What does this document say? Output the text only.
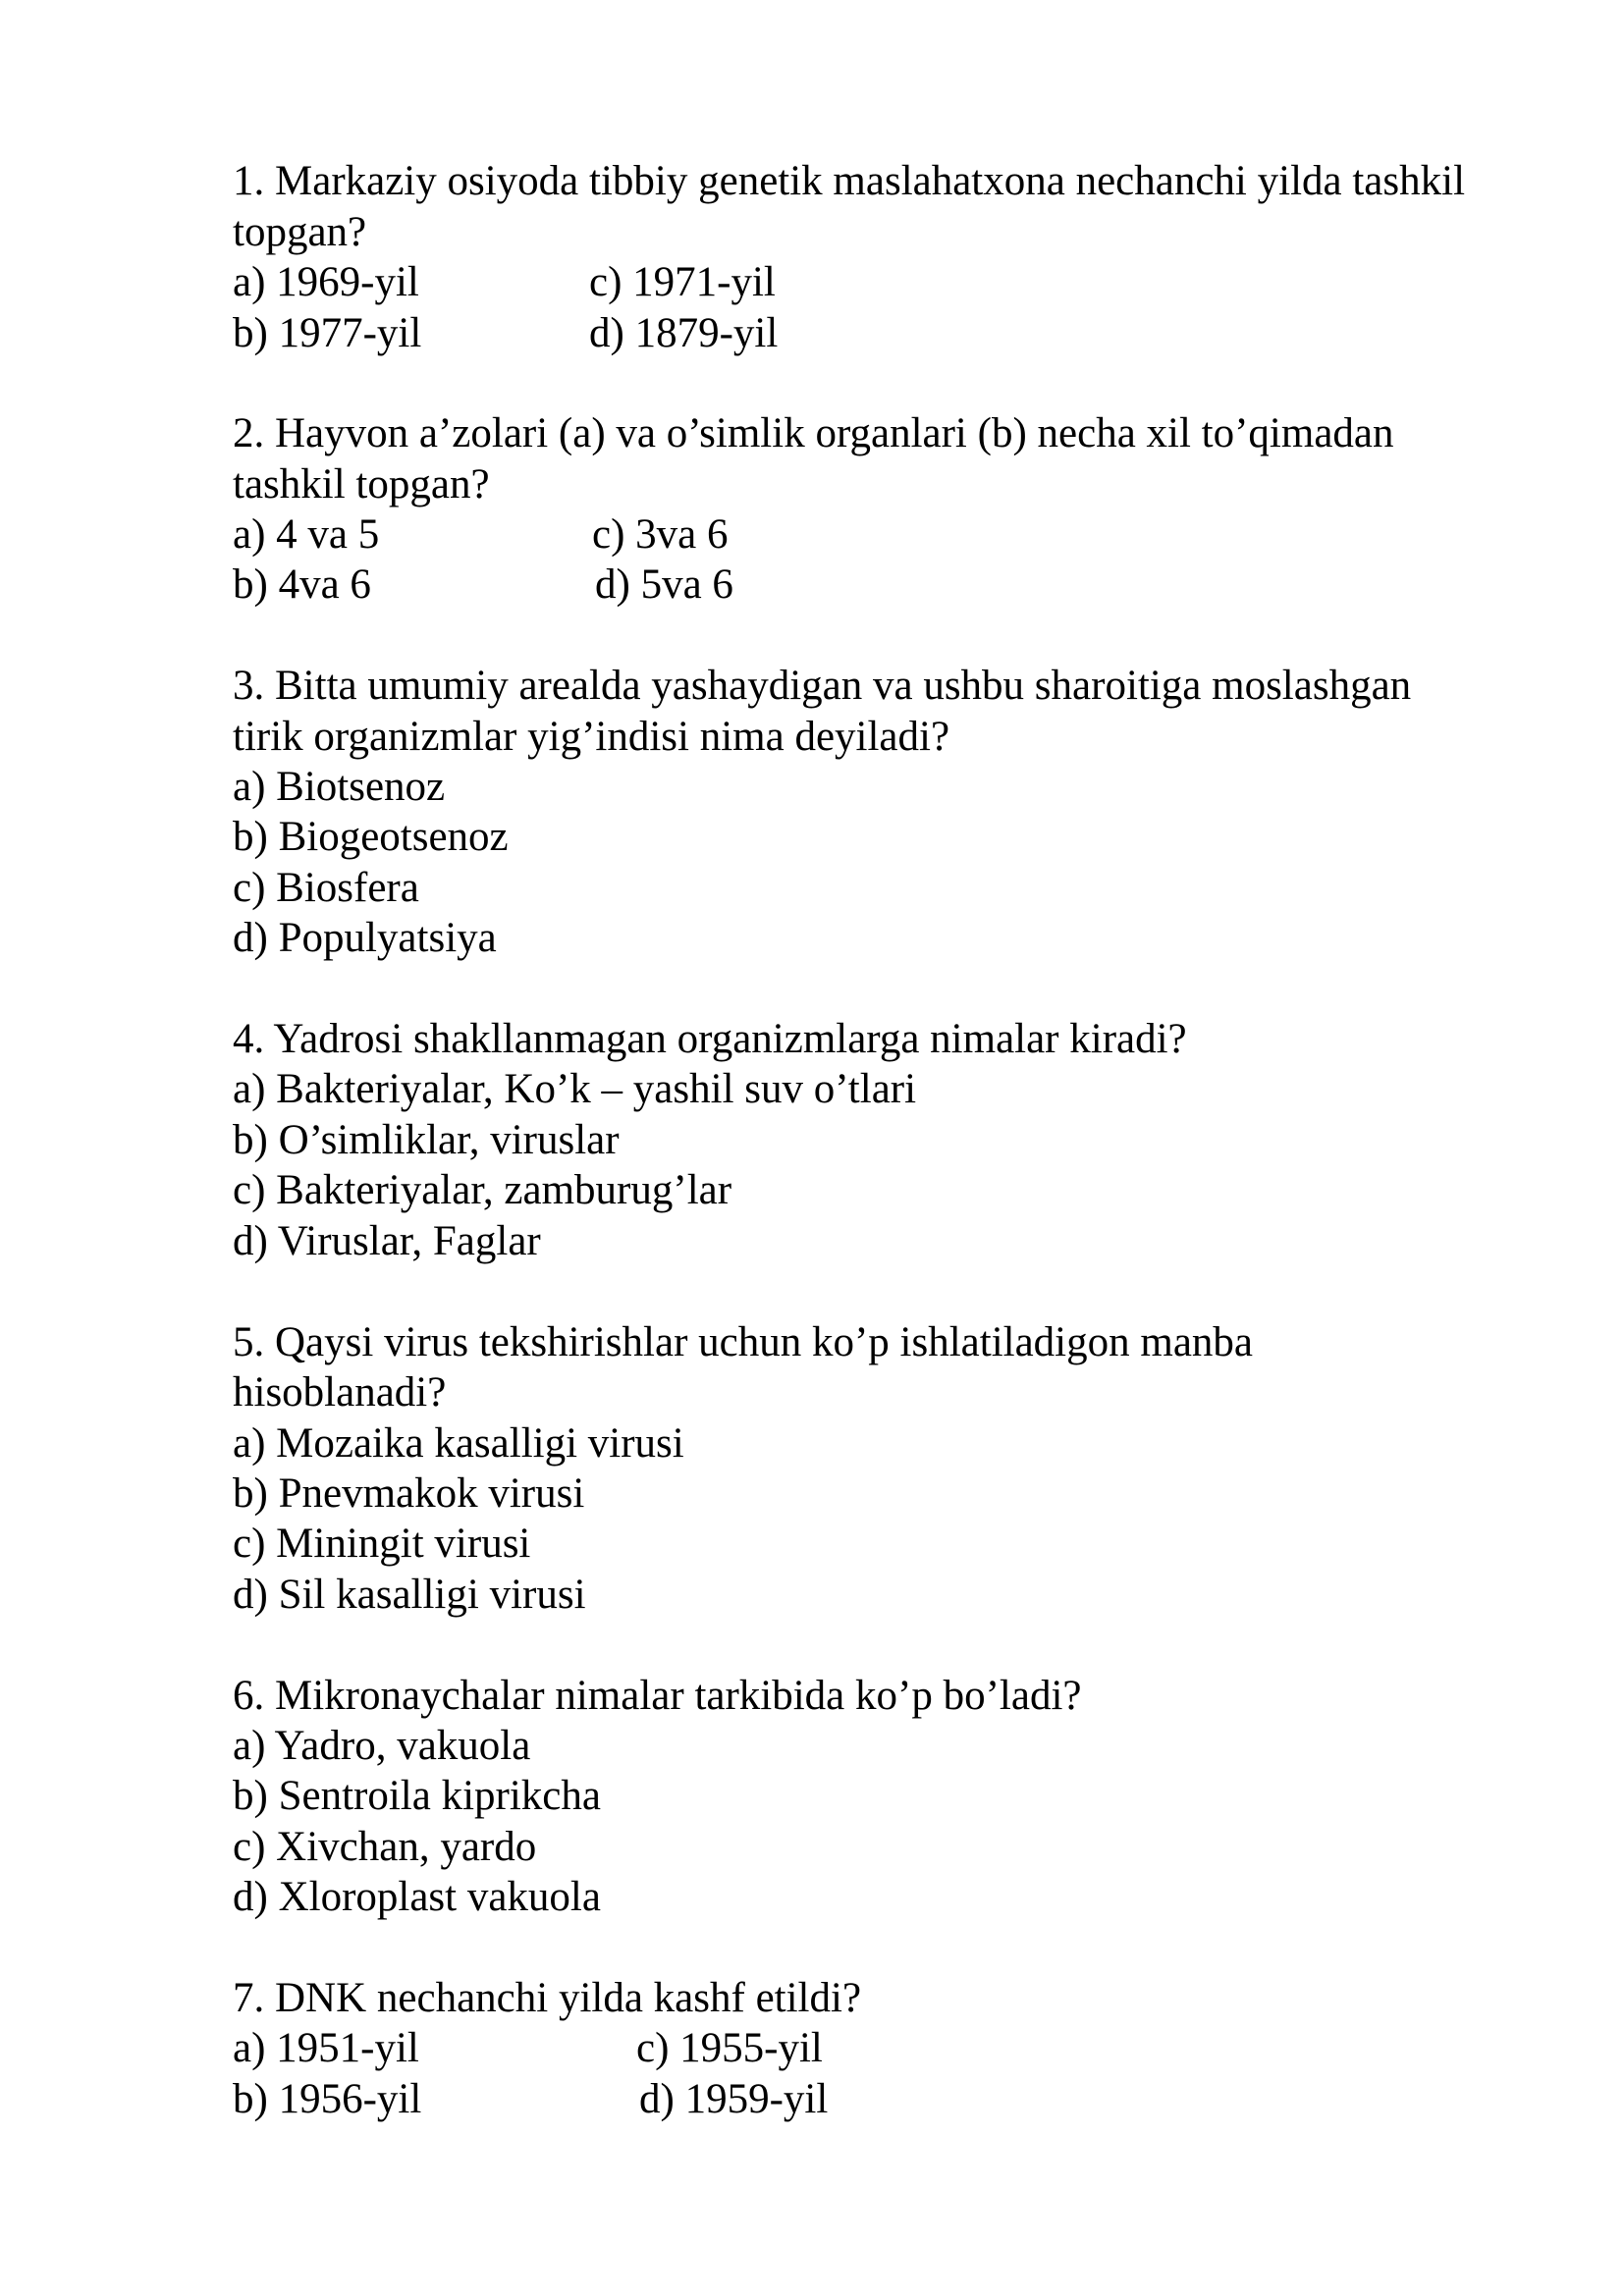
1. Markaziy osiyoda tibbiy genetik maslahatxona nechanchi yilda tashkil
topgan?
a) 1969-yil	c) 1971-yil
b) 1977-yil	d) 1879-yil
2. Hayvon a’zolari (a) va o’simlik organlari (b) necha xil to’qimadan
tashkil topgan?
a) 4 va 5	c) 3va 6
b) 4va 6	d) 5va 6
3. Bitta umumiy arealda yashaydigan va ushbu sharoitiga moslashgan
tirik organizmlar yig’indisi nima deyiladi?
a) Biotsenoz
b) Biogeotsenoz
c) Biosfera
d) Populyatsiya
4. Yadrosi shakllanmagan organizmlarga nimalar kiradi?
a) Bakteriyalar, Ko’k – yashil suv o’tlari
b) O’simliklar, viruslar
c) Bakteriyalar, zamburug’lar
d) Viruslar, Faglar
5. Qaysi virus tekshirishlar uchun ko’p ishlatiladigon manba
hisoblanadi?
a) Mozaika kasalligi virusi
b) Pnevmakok virusi
c) Miningit virusi
d) Sil kasalligi virusi
6. Mikronaychalar nimalar tarkibida ko’p bo’ladi?
a) Yadro, vakuola
b) Sentroila kiprikcha
c) Xivchan, yardo
d) Xloroplast vakuola
7. DNK nechanchi yilda kashf etildi?
a) 1951-yil	c) 1955-yil
b) 1956-yil	d) 1959-yil
